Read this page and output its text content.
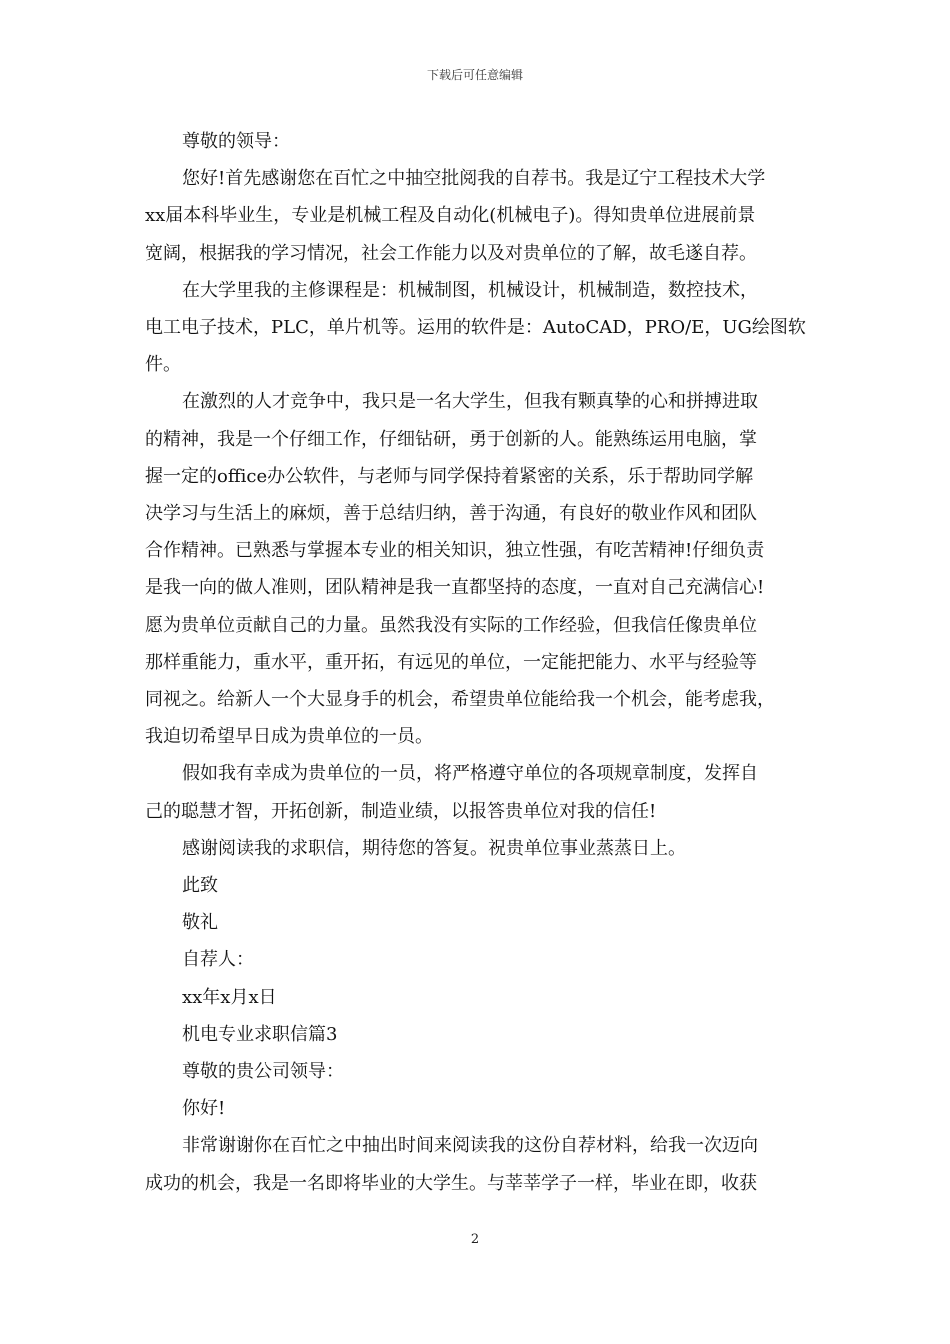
下载后可任意编辑

尊敬的领导：

您好!首先感谢您在百忙之中抽空批阅我的自荐书。我是辽宁工程技术大学

xx届本科毕业生，专业是机械工程及自动化(机械电子)。得知贵单位进展前景

宽阔，根据我的学习情况，社会工作能力以及对贵单位的了解，故毛遂自荐。

在大学里我的主修课程是：机械制图，机械设计，机械制造，数控技术，

电工电子技术，PLC，单片机等。运用的软件是：AutoCAD，PRO/E，UG绘图软

件。

在激烈的人才竞争中，我只是一名大学生，但我有颗真挚的心和拼搏进取

的精神，我是一个仔细工作，仔细钻研，勇于创新的人。能熟练运用电脑，掌

握一定的office办公软件，与老师与同学保持着紧密的关系，乐于帮助同学解

决学习与生活上的麻烦，善于总结归纳，善于沟通，有良好的敬业作风和团队

合作精神。已熟悉与掌握本专业的相关知识，独立性强，有吃苦精神!仔细负责

是我一向的做人准则，团队精神是我一直都坚持的态度，一直对自己充满信心!

愿为贵单位贡献自己的力量。虽然我没有实际的工作经验，但我信任像贵单位

那样重能力，重水平，重开拓，有远见的单位，一定能把能力、水平与经验等

同视之。给新人一个大显身手的机会，希望贵单位能给我一个机会，能考虑我，

我迫切希望早日成为贵单位的一员。

假如我有幸成为贵单位的一员，将严格遵守单位的各项规章制度，发挥自

己的聪慧才智，开拓创新，制造业绩，以报答贵单位对我的信任!

感谢阅读我的求职信，期待您的答复。祝贵单位事业蒸蒸日上。

此致

敬礼

自荐人：

xx年x月x日

机电专业求职信篇3

尊敬的贵公司领导：

你好!

非常谢谢你在百忙之中抽出时间来阅读我的这份自荐材料，给我一次迈向

成功的机会，我是一名即将毕业的大学生。与莘莘学子一样，毕业在即，收获

2
